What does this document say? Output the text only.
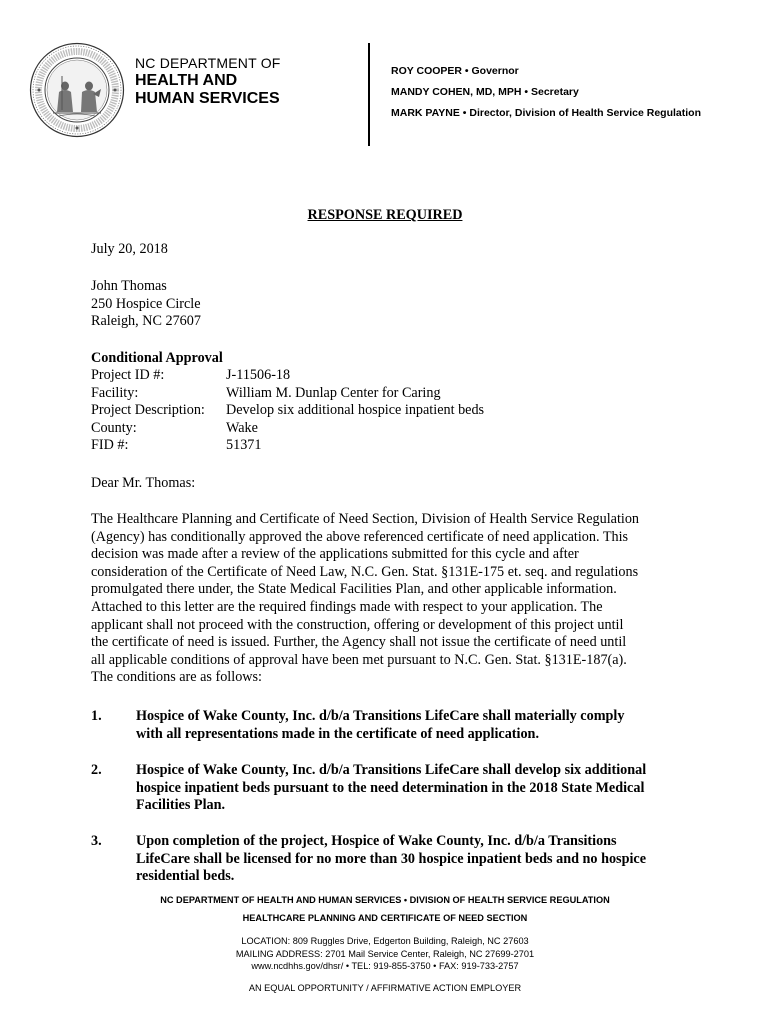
NC DEPARTMENT OF
HEALTH AND
HUMAN SERVICES
ROY COOPER • Governor
MANDY COHEN, MD, MPH • Secretary
MARK PAYNE • Director, Division of Health Service Regulation
RESPONSE REQUIRED
July 20, 2018
John Thomas
250 Hospice Circle
Raleigh, NC 27607
Conditional Approval
Project ID #:	J-11506-18
Facility:	William M. Dunlap Center for Caring
Project Description: Develop six additional hospice inpatient beds
County:	Wake
FID #:	51371
Dear Mr. Thomas:
The Healthcare Planning and Certificate of Need Section, Division of Health Service Regulation
(Agency) has conditionally approved the above referenced certificate of need application. This
decision was made after a review of the applications submitted for this cycle and after
consideration of the Certificate of Need Law, N.C. Gen. Stat. §131E-175 et. seq. and regulations
promulgated there under, the State Medical Facilities Plan, and other applicable information.
Attached to this letter are the required findings made with respect to your application. The
applicant shall not proceed with the construction, offering or development of this project until
the certificate of need is issued. Further, the Agency shall not issue the certificate of need until
all applicable conditions of approval have been met pursuant to N.C. Gen. Stat. §131E-187(a).
The conditions are as follows:
1. Hospice of Wake County, Inc. d/b/a Transitions LifeCare shall materially comply
with all representations made in the certificate of need application.
2. Hospice of Wake County, Inc. d/b/a Transitions LifeCare shall develop six additional
hospice inpatient beds pursuant to the need determination in the 2018 State Medical
Facilities Plan.
3. Upon completion of the project, Hospice of Wake County, Inc. d/b/a Transitions
LifeCare shall be licensed for no more than 30 hospice inpatient beds and no hospice
residential beds.
NC DEPARTMENT OF HEALTH AND HUMAN SERVICES • DIVISION OF HEALTH SERVICE REGULATION
HEALTHCARE PLANNING AND CERTIFICATE OF NEED SECTION
LOCATION: 809 Ruggles Drive, Edgerton Building, Raleigh, NC 27603
MAILING ADDRESS: 2701 Mail Service Center, Raleigh, NC 27699-2701
www.ncdhhs.gov/dhsr/ • TEL: 919-855-3750 • FAX: 919-733-2757
AN EQUAL OPPORTUNITY / AFFIRMATIVE ACTION EMPLOYER
